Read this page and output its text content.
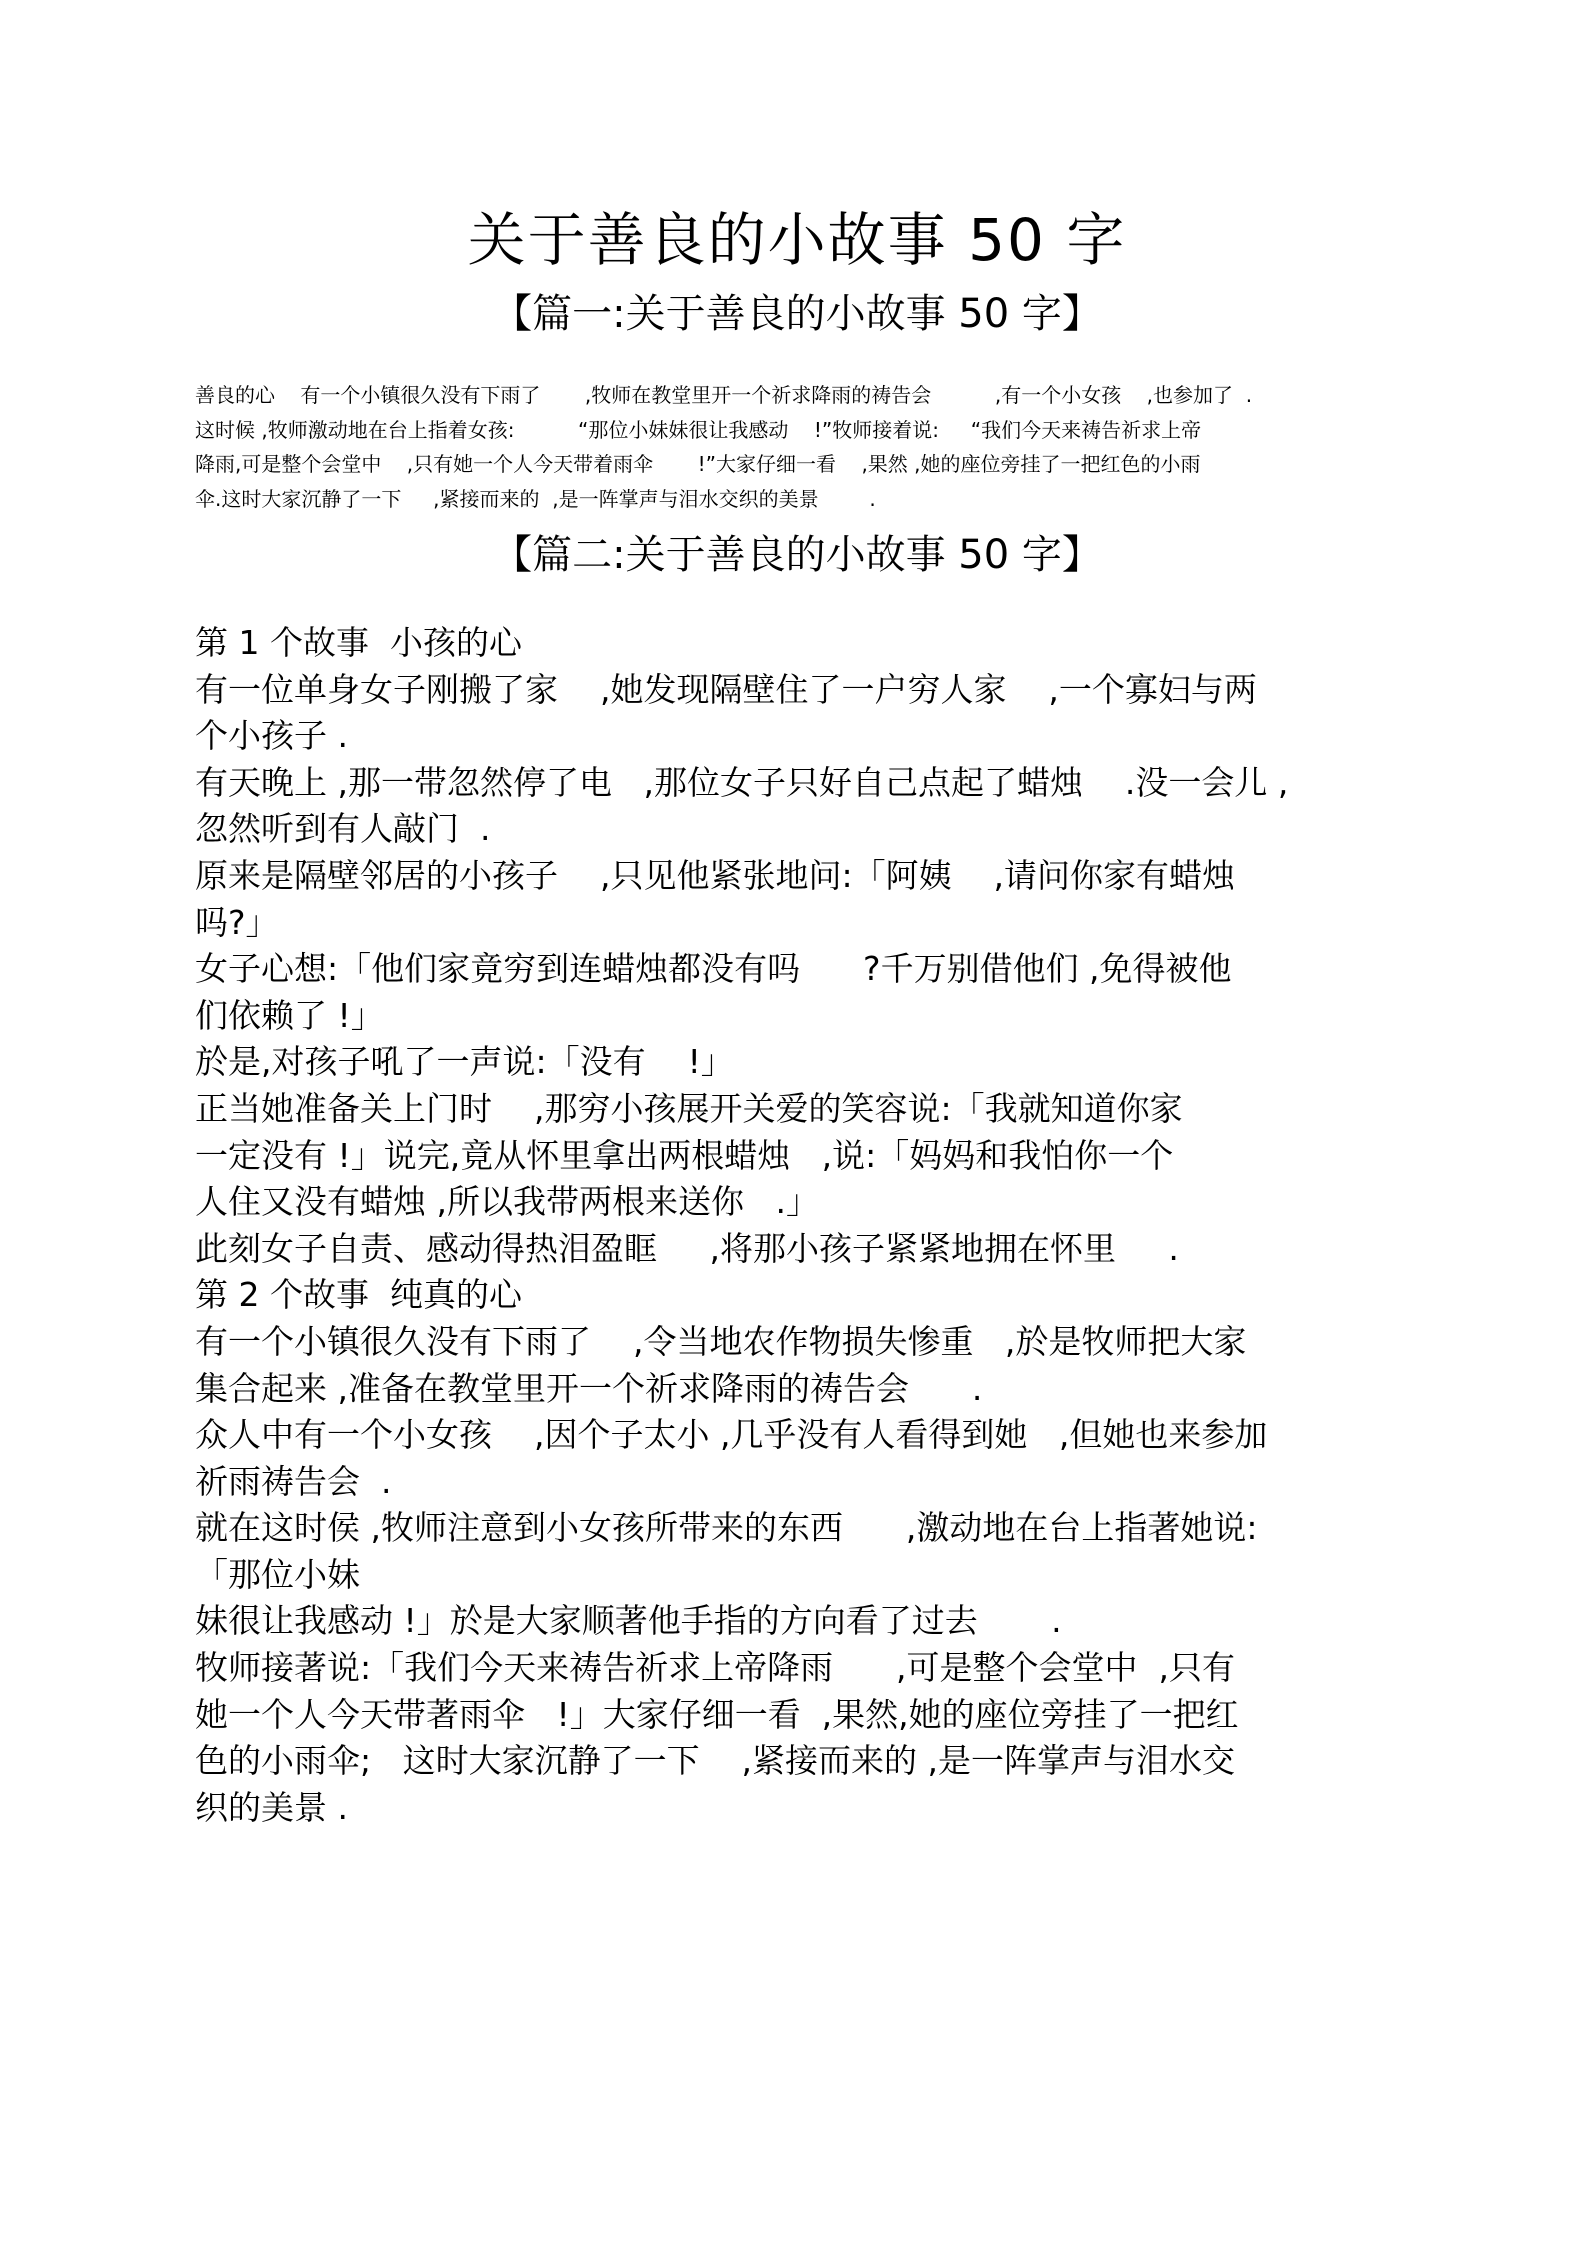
关于善良的小故事 50 字
【篇一:关于善良的小故事 50 字】

善良的心    有一个小镇很久没有下雨了       ,牧师在教堂里开一个祈求降雨的祷告会          ,有一个小女孩    ,也参加了  .

这时候 ,牧师激动地在台上指着女孩:          “那位小妹妹很让我感动    !”牧师接着说:     “我们今天来祷告祈求上帝

降雨,可是整个会堂中    ,只有她一个人今天带着雨伞       !”大家仔细一看    ,果然 ,她的座位旁挂了一把红色的小雨

伞.这时大家沉静了一下     ,紧接而来的  ,是一阵掌声与泪水交织的美景        .

【篇二:关于善良的小故事 50 字】

第 1 个故事  小孩的心

有一位单身女子刚搬了家    ,她发现隔壁住了一户穷人家    ,一个寡妇与两

个小孩子 .

有天晚上 ,那一带忽然停了电   ,那位女子只好自己点起了蜡烛    .没一会儿 ,

忽然听到有人敲门  .

原来是隔壁邻居的小孩子    ,只见他紧张地问:「阿姨    ,请问你家有蜡烛

吗?」

女子心想:「他们家竟穷到连蜡烛都没有吗      ?千万别借他们 ,免得被他

们依赖了 !」

於是,对孩子吼了一声说:「没有    !」

正当她准备关上门时    ,那穷小孩展开关爱的笑容说:「我就知道你家

一定没有 !」说完,竟从怀里拿出两根蜡烛   ,说:「妈妈和我怕你一个

人住又没有蜡烛 ,所以我带两根来送你   .」

此刻女子自责、感动得热泪盈眶     ,将那小孩子紧紧地拥在怀里     .

第 2 个故事  纯真的心

有一个小镇很久没有下雨了    ,令当地农作物损失惨重   ,於是牧师把大家

集合起来 ,准备在教堂里开一个祈求降雨的祷告会      .

众人中有一个小女孩    ,因个子太小 ,几乎没有人看得到她   ,但她也来参加

祈雨祷告会  .

就在这时侯 ,牧师注意到小女孩所带来的东西      ,激动地在台上指著她说:

「那位小妹

妹很让我感动 !」於是大家顺著他手指的方向看了过去       .

牧师接著说:「我们今天来祷告祈求上帝降雨      ,可是整个会堂中  ,只有

她一个人今天带著雨伞   !」大家仔细一看  ,果然,她的座位旁挂了一把红

色的小雨伞;   这时大家沉静了一下    ,紧接而来的 ,是一阵掌声与泪水交

织的美景 .
